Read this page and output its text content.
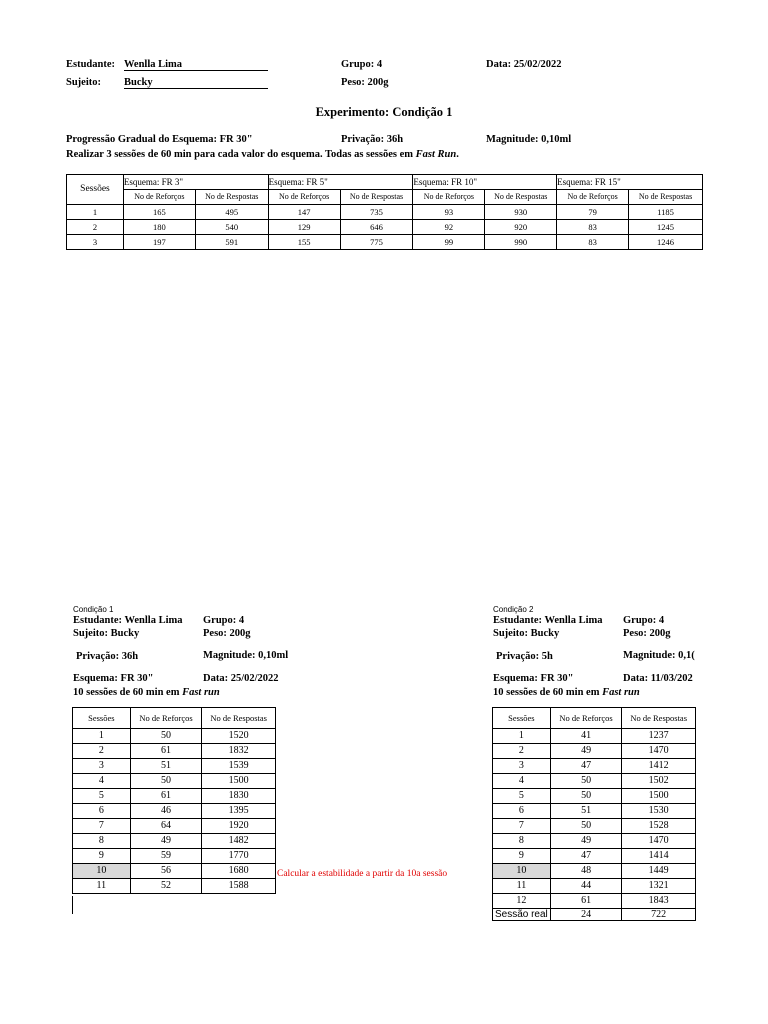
Estudante: Wenlla Lima
Sujeito: Bucky
Grupo: 4
Peso: 200g
Data: 25/02/2022
Experimento: Condição 1
Progressão Gradual do Esquema: FR 30"	Privação: 36h	Magnitude: 0,10ml
Realizar 3 sessões de 60 min para cada valor do esquema. Todas as sessões em Fast Run.
Sessões	Esquema: FR 3"		Esquema: FR 5"		Esquema: FR 10"		Esquema: FR 15"	
	No de Reforços	No de Respostas	No de Reforços	No de Respostas	No de Reforços	No de Respostas	No de Reforços	No de Respostas
1	165	495	147	735	93	930	79	1185
2	180	540	129	646	92	920	83	1245
3	197	591	155	775	99	990	83	1246
Condição 1
Estudante: Wenlla Lima Grupo: 4
Sujeito: Bucky	Peso: 200g
Privação: 36h	Magnitude: 0,10ml
Esquema: FR 30"	Data: 25/02/2022
10 sessões de 60 min em Fast run
Sessões	No de Reforços	No de Respostas
1	50	1520
2	61	1832
3	51	1539
4	50	1500
5	61	1830
6	46	1395
7	64	1920
8	49	1482
9	59	1770
10	56	1680
11	52	1588
Calcular a estabilidade a partir da 10a sessão
Condição 2
Estudante: Wenlla Lima Grupo: 4
Sujeito: Bucky	Peso: 200g
Privação: 5h	Magnitude: 0,1(
Esquema: FR 30"	Data: 11/03/202
10 sessões de 60 min em Fast run
Sessões	No de Reforços	No de Respostas
1	41	1237
2	49	1470
3	47	1412
4	50	1502
5	50	1500
6	51	1530
7	50	1528
8	49	1470
9	47	1414
10	48	1449
11	44	1321
12	61	1843
Sessão real	24	722
